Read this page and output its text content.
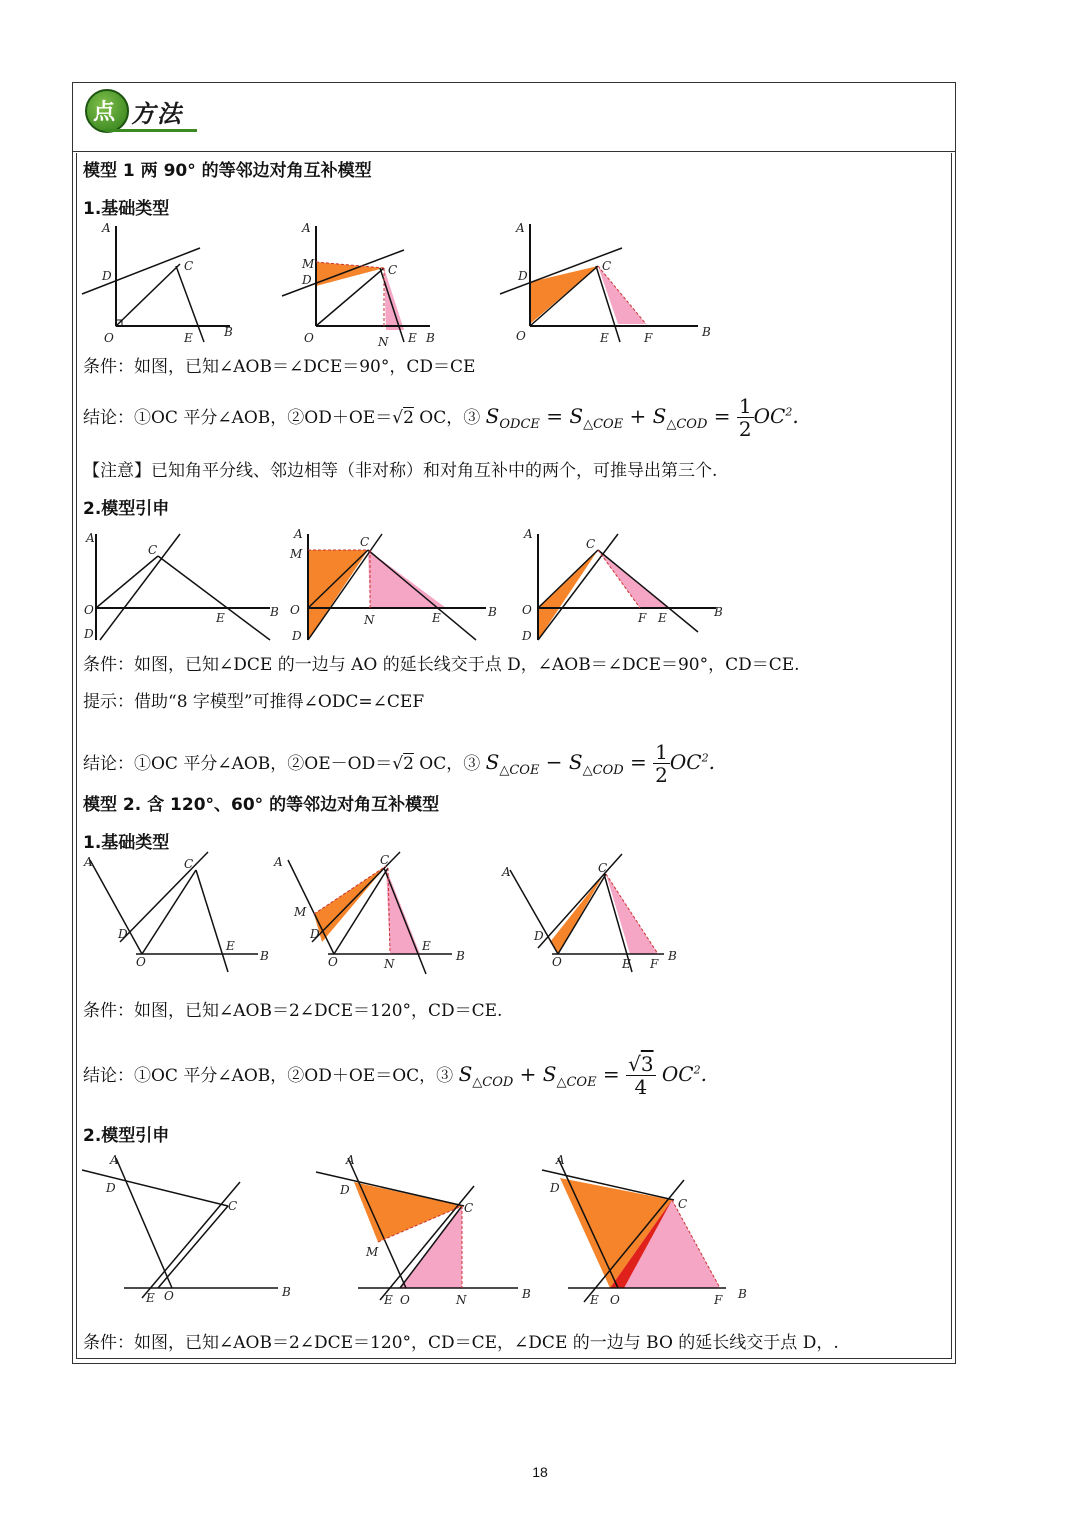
点 方法
模型 1 两 90° 的等邻边对角互补模型
1.基础类型
A
D
C
O	E	B
A
M
D
C
O	N E B
A
D
C
O	E	F	B
条件：如图，已知∠AOB＝∠DCE＝90°，CD＝CE
结论：①OC 平分∠AOB，②OD＋OE＝√2 OC，③ $S_{ODCE} = S_{\triangle COE} + S_{\triangle COD} = \frac{1}{2} OC^2$.
【注意】已知角平分线、邻边相等（非对称）和对角互补中的两个，可推导出第三个.
2.模型引申
A
C
O
E	B
D
A
M
C
O
N	E	B
D
A
C
O
F E	B
D
条件：如图，已知∠DCE 的一边与 AO 的延长线交于点 D，∠AOB＝∠DCE＝90°，CD＝CE.
提示：借助“8 字模型”可推得∠ODC=∠CEF
结论：①OC 平分∠AOB，②OE－OD＝√2 OC，③ $S_{\triangle COE} - S_{\triangle COD} = \frac{1}{2} OC^2$.
模型 2. 含 120°、60° 的等邻边对角互补模型
1.基础类型
A	C
D
O
E
B
A	C
M
D
O	N
E
B
A	C
D
O	E F
B
条件：如图，已知∠AOB＝2∠DCE＝120°，CD＝CE.
结论：①OC 平分∠AOB，②OD＋OE＝OC，③ $S_{\triangle COD} + S_{\triangle COE} = \frac{√3}{4} OC^2$.
2.模型引申
A
D
C
E O	B
A
D
C
M
E O	N	B
A
D
C
E O	F B
条件：如图，已知∠AOB＝2∠DCE＝120°，CD＝CE，∠DCE 的一边与 BO 的延长线交于点 D，.
18
